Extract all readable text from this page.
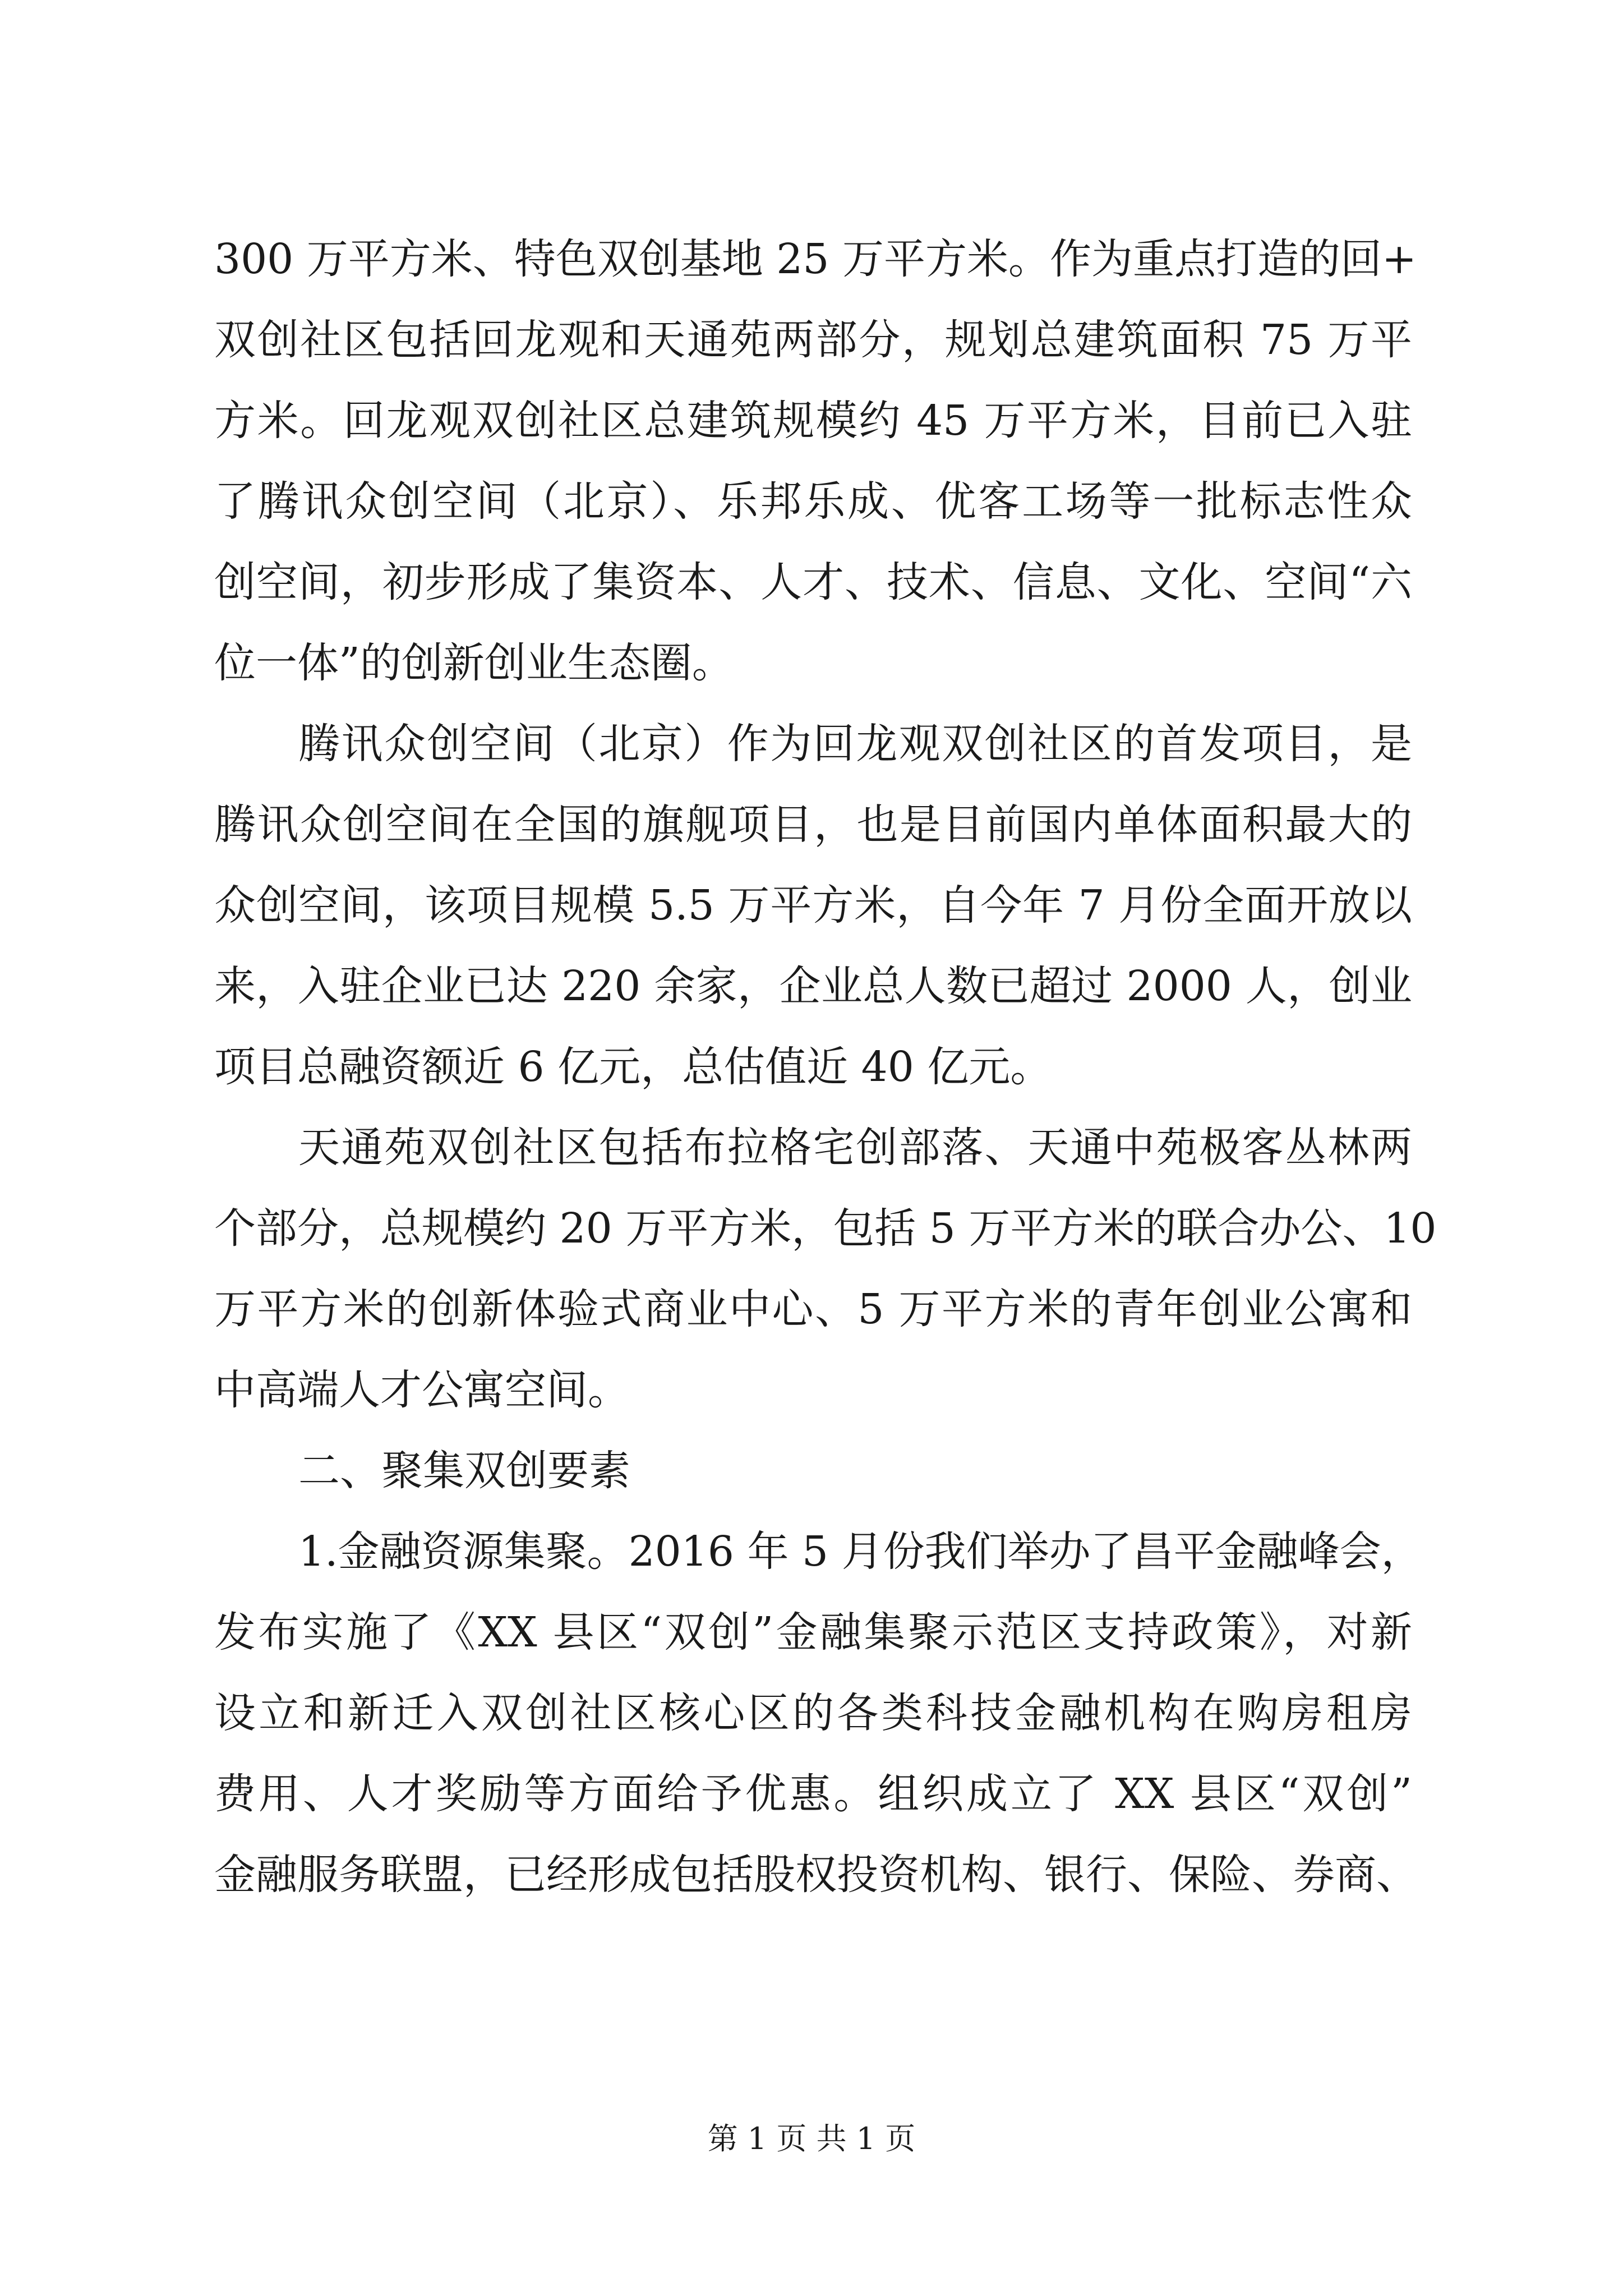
300 万平方米、特色双创基地 25 万平方米。作为重点打造的回+
双创社区包括回龙观和天通苑两部分，规划总建筑面积 75 万平
方米。回龙观双创社区总建筑规模约 45 万平方米，目前已入驻
了腾讯众创空间（北京）、乐邦乐成、优客工场等一批标志性众
创空间，初步形成了集资本、人才、技术、信息、文化、空间“六
位一体”的创新创业生态圈。
腾讯众创空间（北京）作为回龙观双创社区的首发项目，是
腾讯众创空间在全国的旗舰项目，也是目前国内单体面积最大的
众创空间，该项目规模 5.5 万平方米，自今年 7 月份全面开放以
来，入驻企业已达 220 余家，企业总人数已超过 2000 人，创业
项目总融资额近 6 亿元，总估值近 40 亿元。
天通苑双创社区包括布拉格宅创部落、天通中苑极客丛林两
个部分，总规模约 20 万平方米，包括 5 万平方米的联合办公、10
万平方米的创新体验式商业中心、5 万平方米的青年创业公寓和
中高端人才公寓空间。
二、聚集双创要素
1.金融资源集聚。2016 年 5 月份我们举办了昌平金融峰会，
发布实施了《XX 县区“双创”金融集聚示范区支持政策》，对新
设立和新迁入双创社区核心区的各类科技金融机构在购房租房
费用、人才奖励等方面给予优惠。组织成立了 XX 县区“双创”
金融服务联盟，已经形成包括股权投资机构、银行、保险、券商、
第 1 页 共 1 页
